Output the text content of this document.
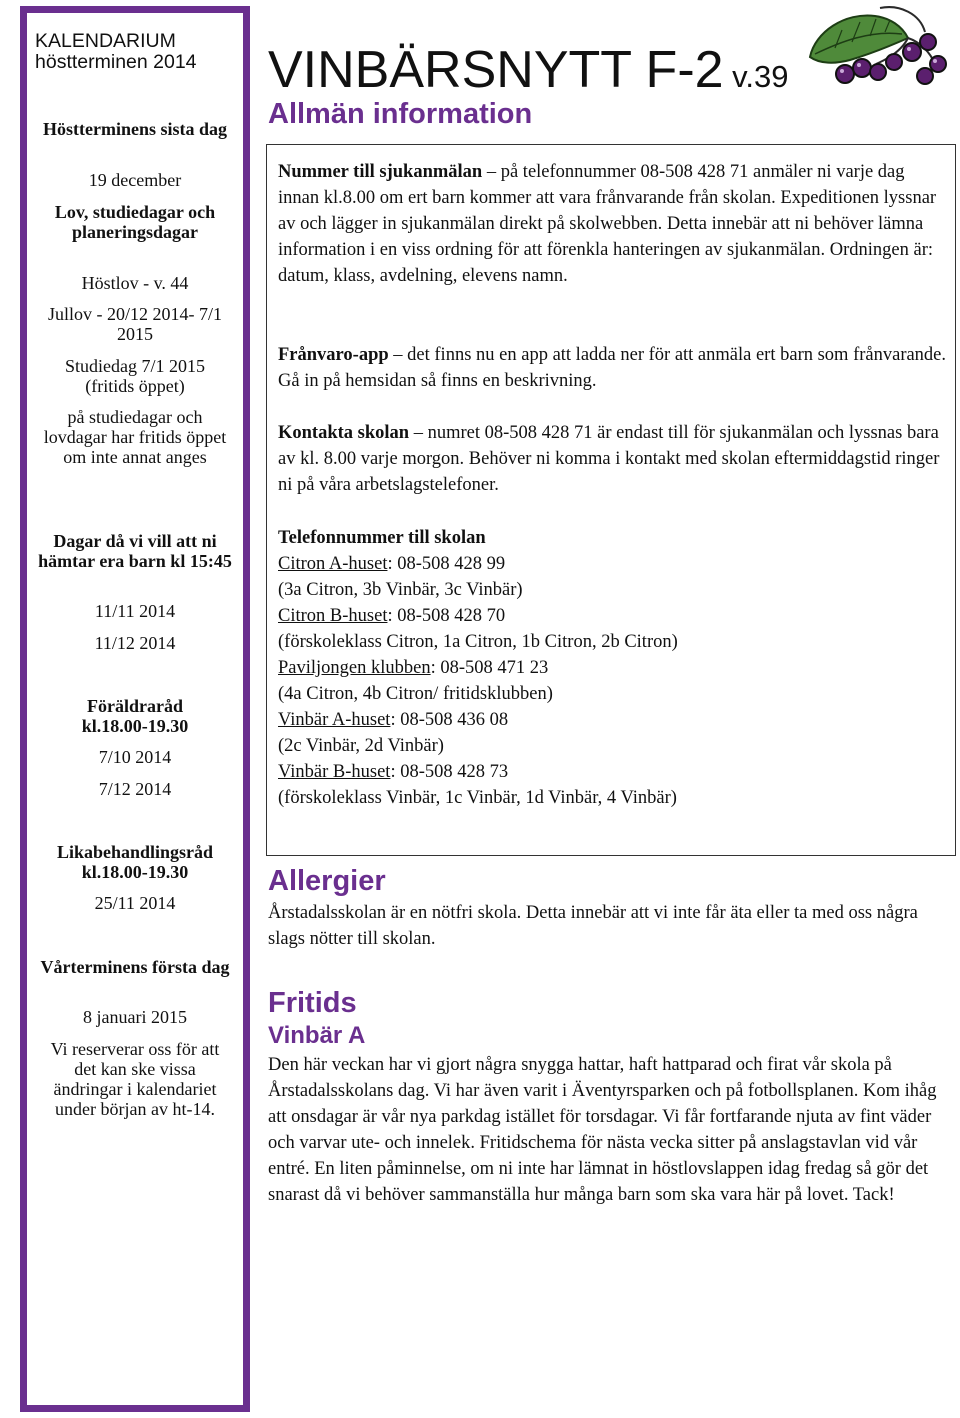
KALENDARIUM
höstterminen 2014
Höstterminens sista dag
19 december
Lov, studiedagar och planeringsdagar
Höstlov - v. 44
Jullov - 20/12 2014- 7/1 2015
Studiedag 7/1 2015 (fritids öppet)
på studiedagar och lovdagar har fritids öppet om inte annat anges
Dagar då vi vill att ni hämtar era barn kl 15:45
11/11 2014
11/12 2014
Föräldraråd kl.18.00-19.30
7/10 2014
7/12 2014
Likabehandlingsråd kl.18.00-19.30
25/11 2014
Vårterminens första dag
8 januari 2015
Vi reserverar oss för att det kan ske vissa ändringar i kalendariet under början av ht-14.
VINBÄRSNYTT F-2 v.39
Allmän information
Nummer till sjukanmälan – på telefonnummer 08-508 428 71 anmäler ni varje dag innan kl.8.00 om ert barn kommer att vara frånvarande från skolan. Expeditionen lyssnar av och lägger in sjukanmälan direkt på skolwebben. Detta innebär att ni behöver lämna information i en viss ordning för att förenkla hanteringen av sjukanmälan. Ordningen är: datum, klass, avdelning, elevens namn.
Frånvaro-app – det finns nu en app att ladda ner för att anmäla ert barn som frånvarande. Gå in på hemsidan så finns en beskrivning.
Kontakta skolan – numret 08-508 428 71 är endast till för sjukanmälan och lyssnas bara av kl. 8.00 varje morgon. Behöver ni komma i kontakt med skolan eftermiddagstid ringer ni på våra arbetslagstelefoner.
Telefonnummer till skolan
Citron A-huset: 08-508 428 99
(3a Citron, 3b Vinbär, 3c Vinbär)
Citron B-huset: 08-508 428 70
(förskoleklass Citron, 1a Citron, 1b Citron, 2b Citron)
Paviljongen klubben: 08-508 471 23
(4a Citron, 4b Citron/ fritidsklubben)
Vinbär A-huset: 08-508 436 08
(2c Vinbär, 2d Vinbär)
Vinbär B-huset: 08-508 428 73
(förskoleklass Vinbär, 1c Vinbär, 1d Vinbär, 4 Vinbär)
Allergier
Årstadalsskolan är en nötfri skola. Detta innebär att vi inte får äta eller ta med oss några slags nötter till skolan.
Fritids
Vinbär A
Den här veckan har vi gjort några snygga hattar, haft hattparad och firat vår skola på Årstadalsskolans dag. Vi har även varit i Äventyrsparken och på fotbollsplanen. Kom ihåg att onsdagar är vår nya parkdag istället för torsdagar. Vi får fortfarande njuta av fint väder och varvar ute- och innelek. Fritidschema för nästa vecka sitter på anslagstavlan vid vår entré. En liten påminnelse, om ni inte har lämnat in höstlovslappen idag fredag så gör det snarast då vi behöver sammanställa hur många barn som ska vara här på lovet. Tack!
